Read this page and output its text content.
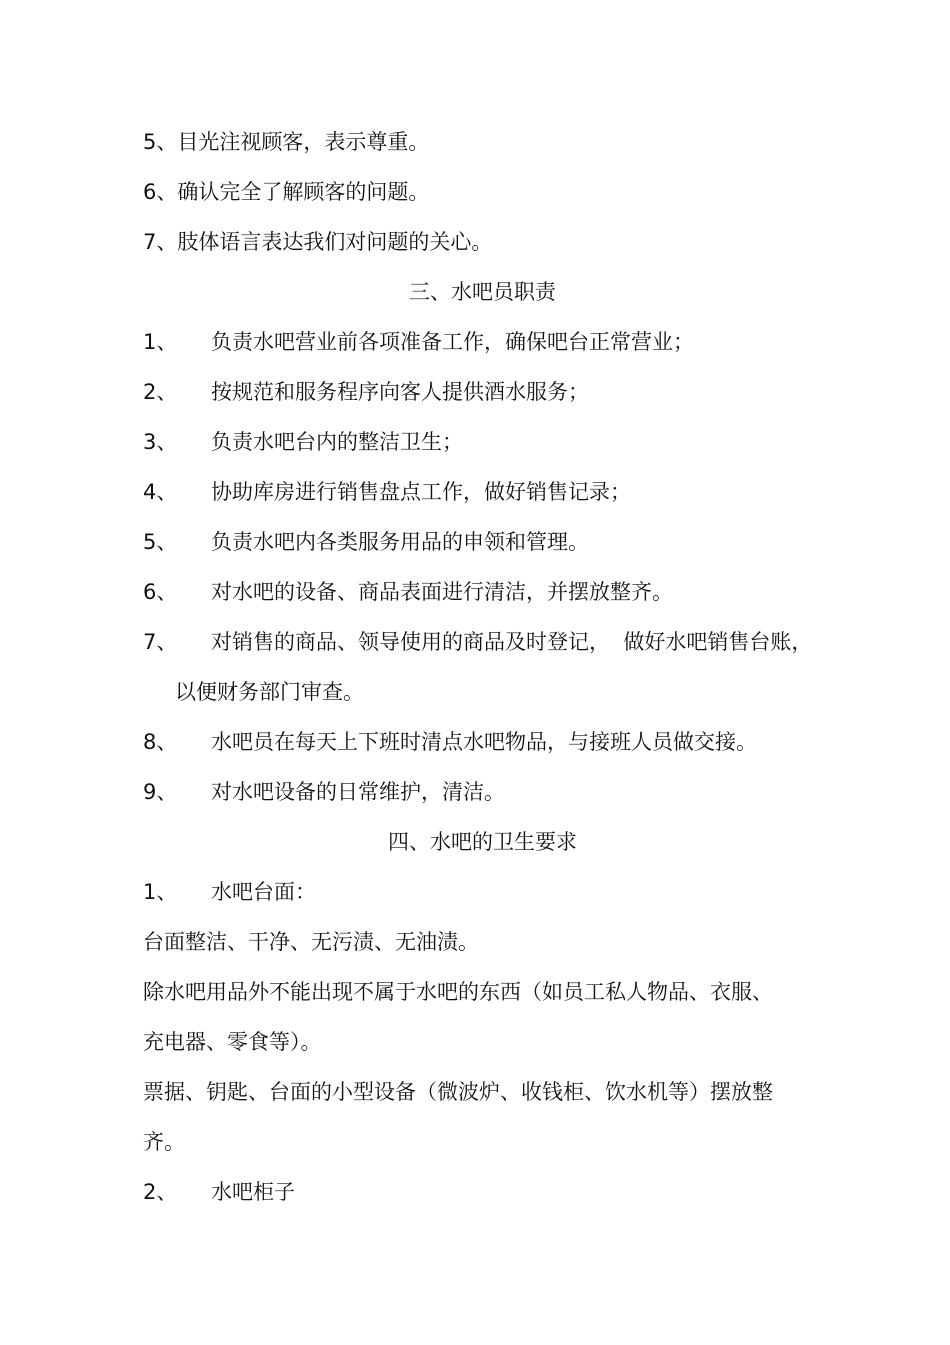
5、目光注视顾客，表示尊重。
6、确认完全了解顾客的问题。
7、肢体语言表达我们对问题的关心。
三、水吧员职责
1、 负责水吧营业前各项准备工作，确保吧台正常营业；
2、 按规范和服务程序向客人提供酒水服务；
3、 负责水吧台内的整洁卫生；
4、 协助库房进行销售盘点工作，做好销售记录；
5、 负责水吧内各类服务用品的申领和管理。
6、 对水吧的设备、商品表面进行清洁，并摆放整齐。
7、 对销售的商品、领导使用的商品及时登记，  做好水吧销售台账，
以便财务部门审查。
8、 水吧员在每天上下班时清点水吧物品，与接班人员做交接。
9、 对水吧设备的日常维护，清洁。
四、水吧的卫生要求
1、 水吧台面：
台面整洁、干净、无污渍、无油渍。
除水吧用品外不能出现不属于水吧的东西（如员工私人物品、衣服、
充电器、零食等）。
票据、钥匙、台面的小型设备（微波炉、收钱柜、饮水机等）摆放整
齐。
2、 水吧柜子
